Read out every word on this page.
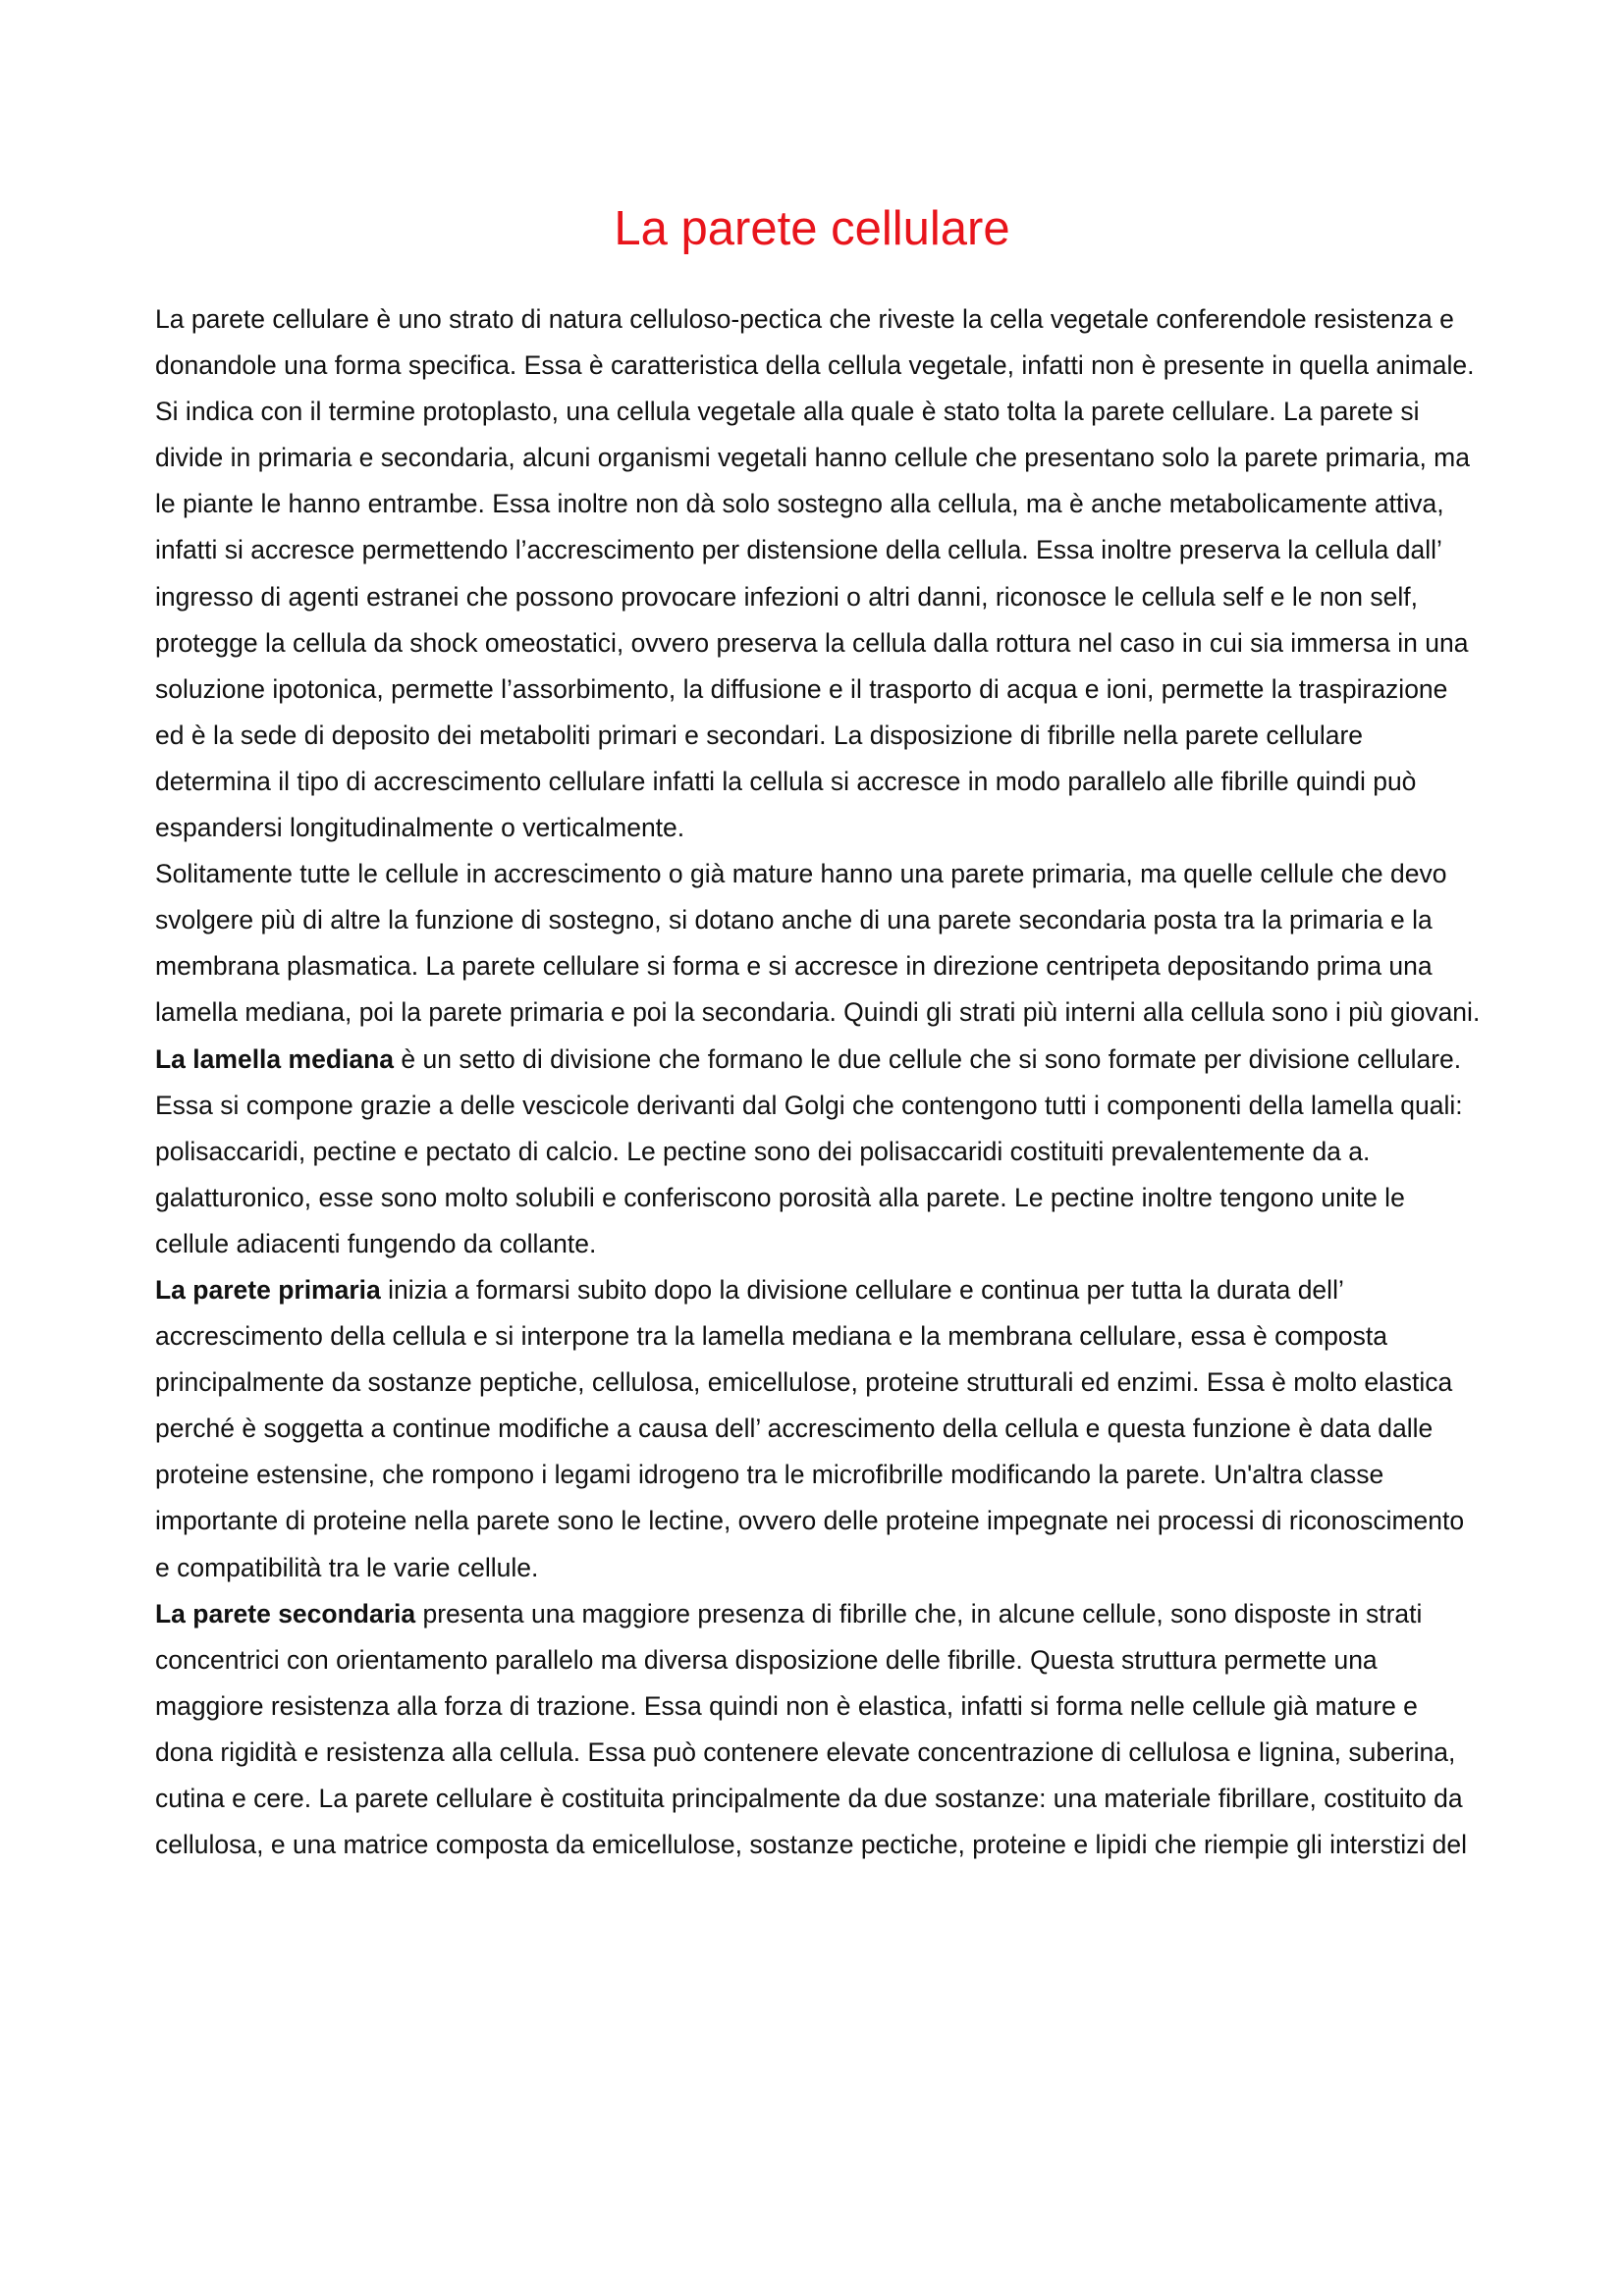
La parete cellulare

La parete cellulare è uno strato di natura celluloso-pectica che riveste la cella vegetale conferendole resistenza e donandole una forma specifica. Essa è caratteristica della cellula vegetale, infatti non è presente in quella animale. Si indica con il termine protoplasto, una cellula vegetale alla quale è stato tolta la parete cellulare. La parete si divide in primaria e secondaria, alcuni organismi vegetali hanno cellule che presentano solo la parete primaria, ma le piante le hanno entrambe. Essa inoltre non dà solo sostegno alla cellula, ma è anche metabolicamente attiva, infatti si accresce permettendo l’accrescimento per distensione della cellula. Essa inoltre preserva la cellula dall’ ingresso di agenti estranei che possono provocare infezioni o altri danni, riconosce le cellula self e le non self, protegge la cellula da shock omeostatici, ovvero preserva la cellula dalla rottura nel caso in cui sia immersa in una soluzione ipotonica, permette l’assorbimento, la diffusione e il trasporto di acqua e ioni, permette la traspirazione ed è la sede di deposito dei metaboliti primari e secondari. La disposizione di fibrille nella parete cellulare determina il tipo di accrescimento cellulare infatti la cellula si accresce in modo parallelo alle fibrille quindi può espandersi longitudinalmente o verticalmente.

Solitamente tutte le cellule in accrescimento o già mature hanno una parete primaria, ma quelle cellule che devo svolgere più di altre la funzione di sostegno, si dotano anche di una parete secondaria posta tra la primaria e la membrana plasmatica. La parete cellulare si forma e si accresce in direzione centripeta depositando prima una lamella mediana, poi la parete primaria e poi la secondaria. Quindi gli strati più interni alla cellula sono i più giovani.

La lamella mediana è un setto di divisione che formano le due cellule che si sono formate per divisione cellulare. Essa si compone grazie a delle vescicole derivanti dal Golgi che contengono tutti i componenti della lamella quali: polisaccaridi, pectine e pectato di calcio. Le pectine sono dei polisaccaridi costituiti prevalentemente da a. galatturonico, esse sono molto solubili e conferiscono porosità alla parete. Le pectine inoltre tengono unite le cellule adiacenti fungendo da collante.

La parete primaria inizia a formarsi subito dopo la divisione cellulare e continua per tutta la durata dell’ accrescimento della cellula e si interpone tra la lamella mediana e la membrana cellulare, essa è composta principalmente da sostanze peptiche, cellulosa, emicellulose, proteine strutturali ed enzimi. Essa è molto elastica perché è soggetta a continue modifiche a causa dell’ accrescimento della cellula e questa funzione è data dalle proteine estensine, che rompono i legami idrogeno tra le microfibrille modificando la parete. Un'altra classe importante di proteine nella parete sono le lectine, ovvero delle proteine impegnate nei processi di riconoscimento e compatibilità tra le varie cellule.

La parete secondaria presenta una maggiore presenza di fibrille che, in alcune cellule, sono disposte in strati concentrici con orientamento parallelo ma diversa disposizione delle fibrille. Questa struttura permette una maggiore resistenza alla forza di trazione. Essa quindi non è elastica, infatti si forma nelle cellule già mature e dona rigidità e resistenza alla cellula. Essa può contenere elevate concentrazione di cellulosa e lignina, suberina, cutina e cere. La parete cellulare è costituita principalmente da due sostanze: una materiale fibrillare, costituito da cellulosa, e una matrice composta da emicellulose, sostanze pectiche, proteine e lipidi che riempie gli interstizi del
